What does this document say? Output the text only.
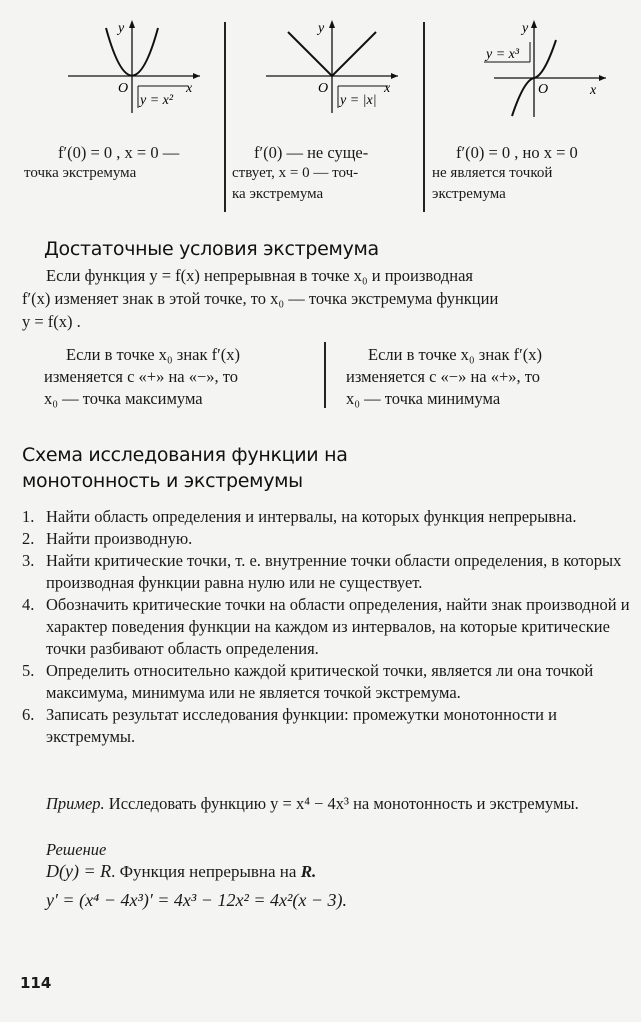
y
x
O
y = x²
y
x
O
y = |x|
y
x
O
y = x³
f′(0) = 0 , x = 0 —
точка экстремума
f′(0) — не суще-
ствует, x = 0 — точ-
ка экстремума
f′(0) = 0 , но x = 0
не является точкой
экстремума
Достаточные условия экстремума
Если функция y = f(x) непрерывная в точке x₀ и производная
f′(x) изменяет знак в этой точке, то x₀ — точка экстремума функции
y = f(x) .
Если в точке x₀ знак f′(x)
изменяется с «+» на «−», то
x₀ — точка максимума
Если в точке x₀ знак f′(x)
изменяется с «−» на «+», то
x₀ — точка минимума
Схема исследования функции на
монотонность и экстремумы
1. Найти область определения и интервалы, на которых функция непрерывна.
2. Найти производную.
3. Найти критические точки, т. е. внутренние точки области определения, в которых производная функции равна нулю или не существует.
4. Обозначить критические точки на области определения, найти знак производной и характер поведения функции на каждом из интервалов, на которые критические точки разбивают область определения.
5. Определить относительно каждой критической точки, является ли она точкой максимума, минимума или не является точкой экстремума.
6. Записать результат исследования функции: промежутки монотонности и экстремумы.
Пример. Исследовать функцию y = x⁴ − 4x³ на монотонность и экстремумы.
Решение
D(y) = R. Функция непрерывна на R.
y′ = (x⁴ − 4x³)′ = 4x³ − 12x² = 4x²(x − 3).
114
